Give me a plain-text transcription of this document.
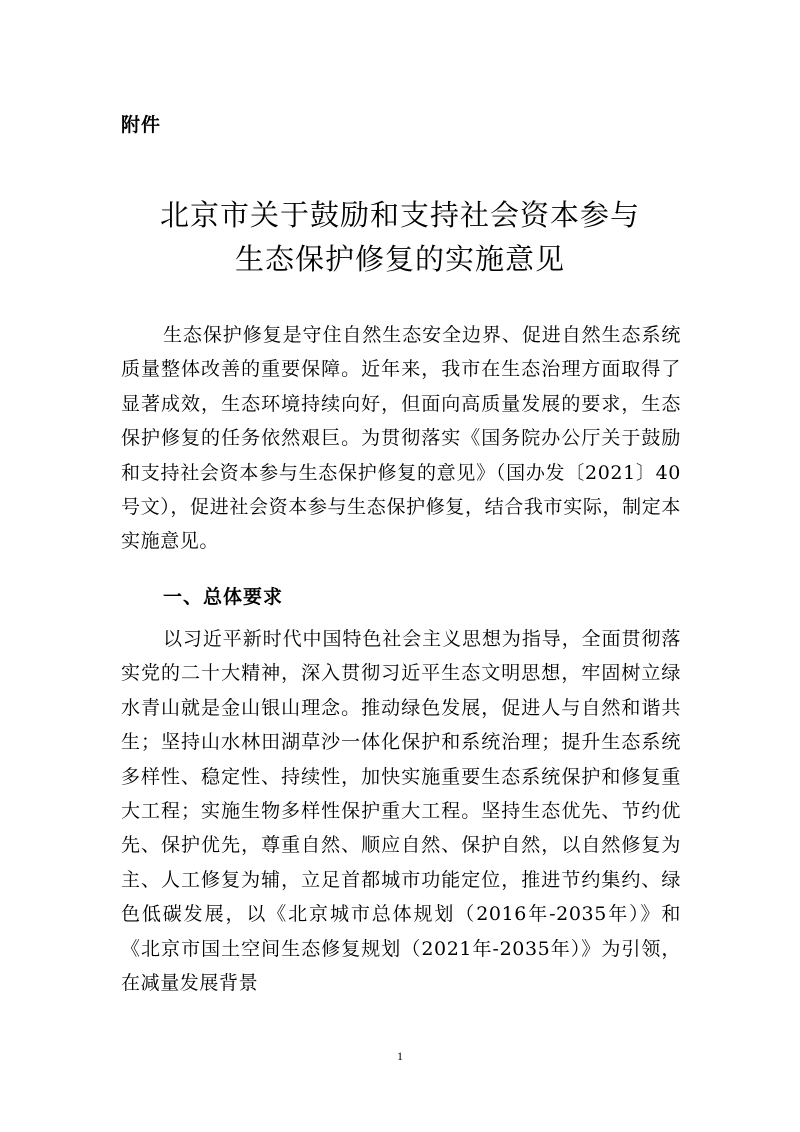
附件
北京市关于鼓励和支持社会资本参与
生态保护修复的实施意见

生态保护修复是守住自然生态安全边界、促进自然生态系统质量整体改善的重要保障。近年来，我市在生态治理方面取得了显著成效，生态环境持续向好，但面向高质量发展的要求，生态保护修复的任务依然艰巨。为贯彻落实《国务院办公厅关于鼓励和支持社会资本参与生态保护修复的意见》（国办发〔2021〕40号文），促进社会资本参与生态保护修复，结合我市实际，制定本实施意见。

一、总体要求

以习近平新时代中国特色社会主义思想为指导，全面贯彻落实党的二十大精神，深入贯彻习近平生态文明思想，牢固树立绿水青山就是金山银山理念。推动绿色发展，促进人与自然和谐共生；坚持山水林田湖草沙一体化保护和系统治理；提升生态系统多样性、稳定性、持续性，加快实施重要生态系统保护和修复重大工程；实施生物多样性保护重大工程。坚持生态优先、节约优先、保护优先，尊重自然、顺应自然、保护自然，以自然修复为主、人工修复为辅，立足首都城市功能定位，推进节约集约、绿色低碳发展，以《北京城市总体规划（2016年-2035年）》和《北京市国土空间生态修复规划（2021年-2035年）》为引领，在减量发展背景

1
